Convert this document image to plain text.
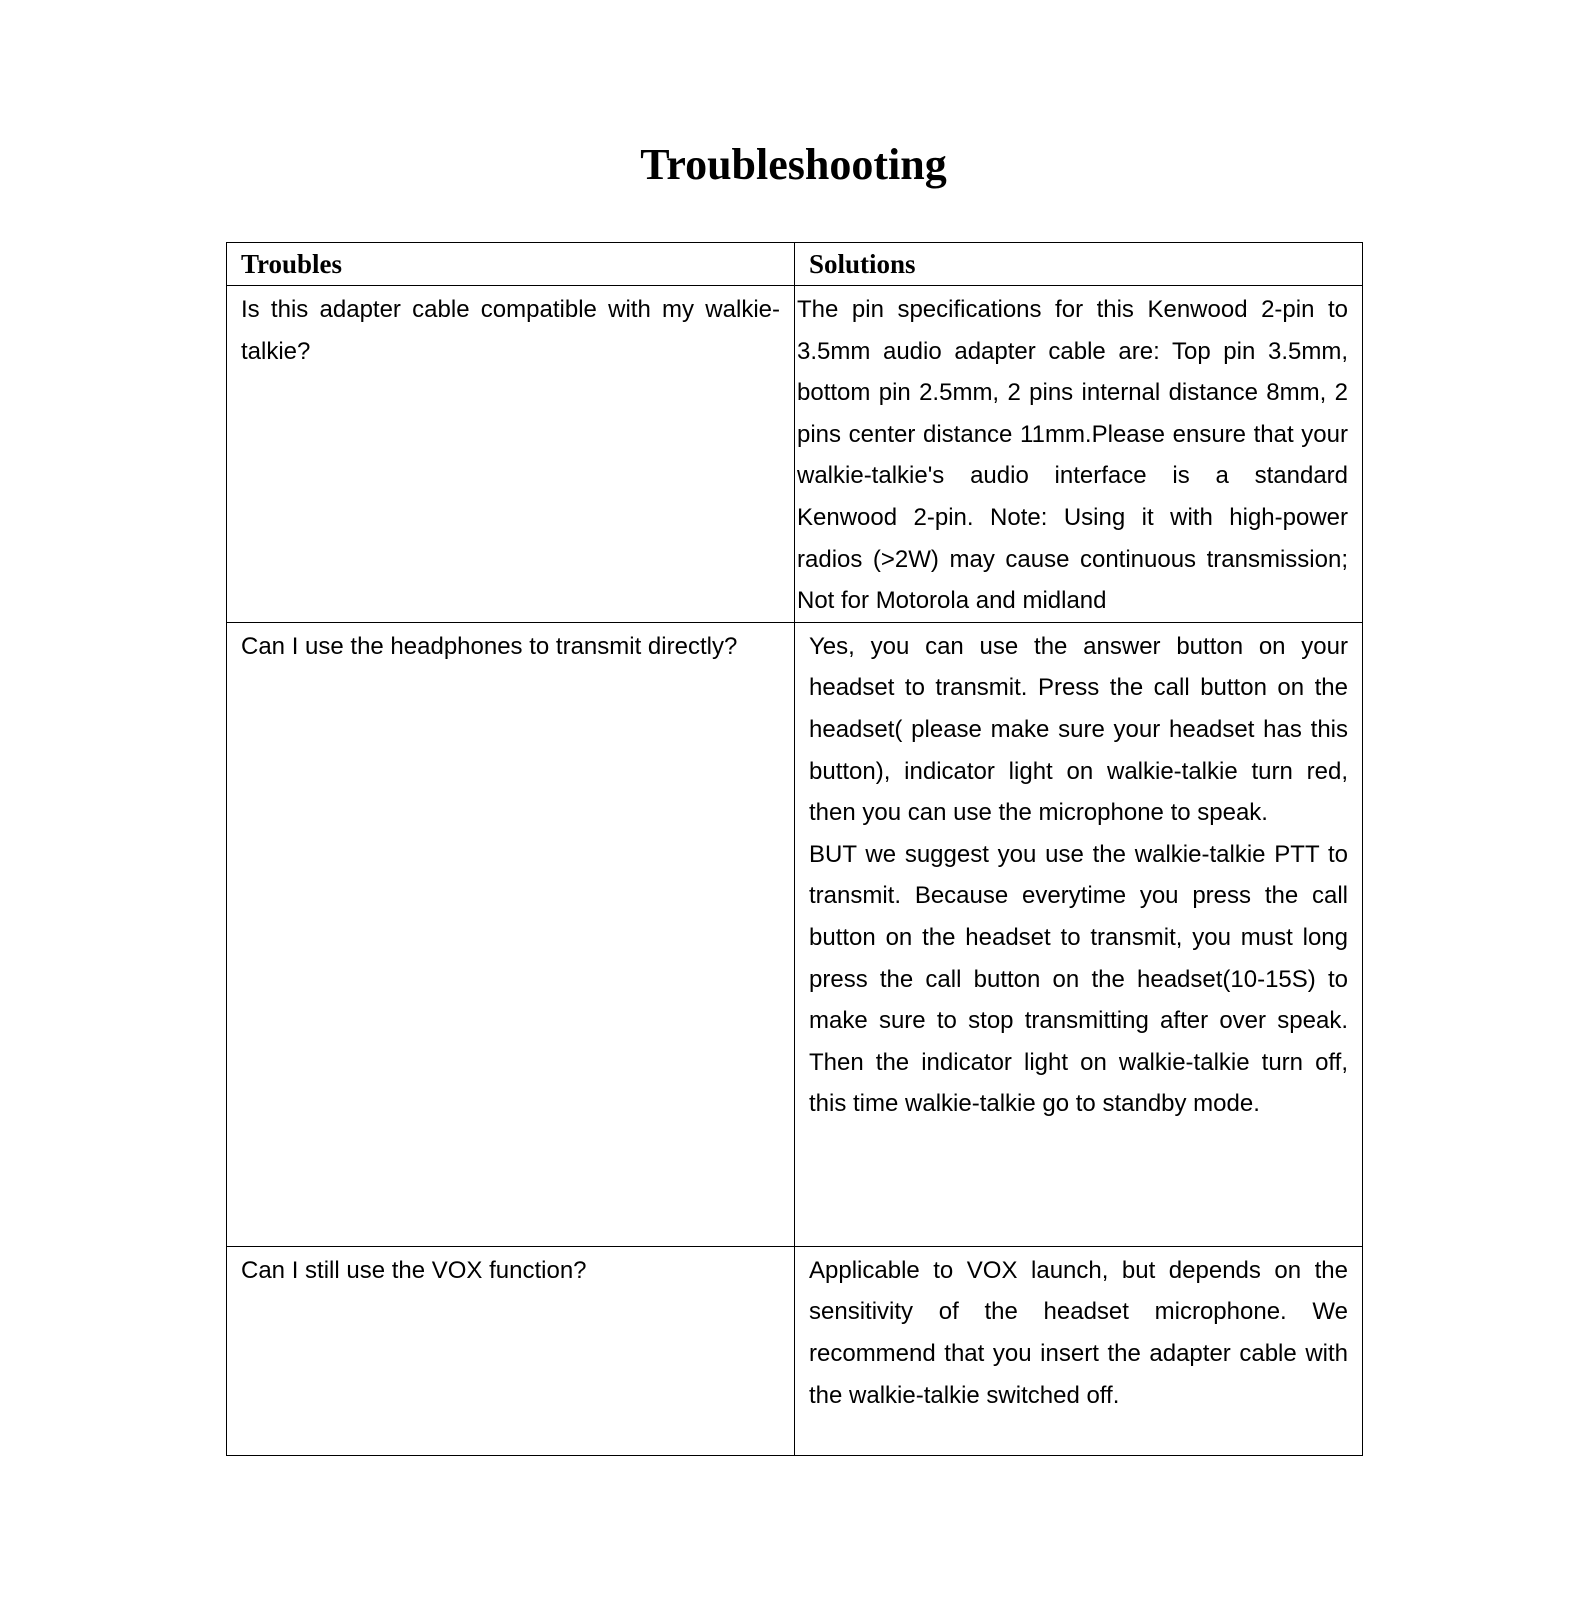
Troubleshooting
Troubles	Solutions
Is this adapter cable compatible with my walkie-talkie?	The pin specifications for this Kenwood 2-pin to 3.5mm audio adapter cable are: Top pin 3.5mm, bottom pin 2.5mm, 2 pins internal distance 8mm, 2 pins center distance 11mm.Please ensure that your walkie-talkie's audio interface is a standard Kenwood 2-pin. Note: Using it with high-power radios (>2W) may cause continuous transmission; Not for Motorola and midland
Can I use the headphones to transmit directly?	Yes, you can use the answer button on your headset to transmit. Press the call button on the headset( please make sure your headset has this button), indicator light on walkie-talkie turn red, then you can use the microphone to speak.
BUT we suggest you use the walkie-talkie PTT to transmit. Because everytime you press the call button on the headset to transmit, you must long press the call button on the headset(10-15S) to make sure to stop transmitting after over speak. Then the indicator light on walkie-talkie turn off, this time walkie-talkie go to standby mode.

Can I still use the VOX function?	Applicable to VOX launch, but depends on the sensitivity of the headset microphone. We recommend that you insert the adapter cable with the walkie-talkie switched off.
